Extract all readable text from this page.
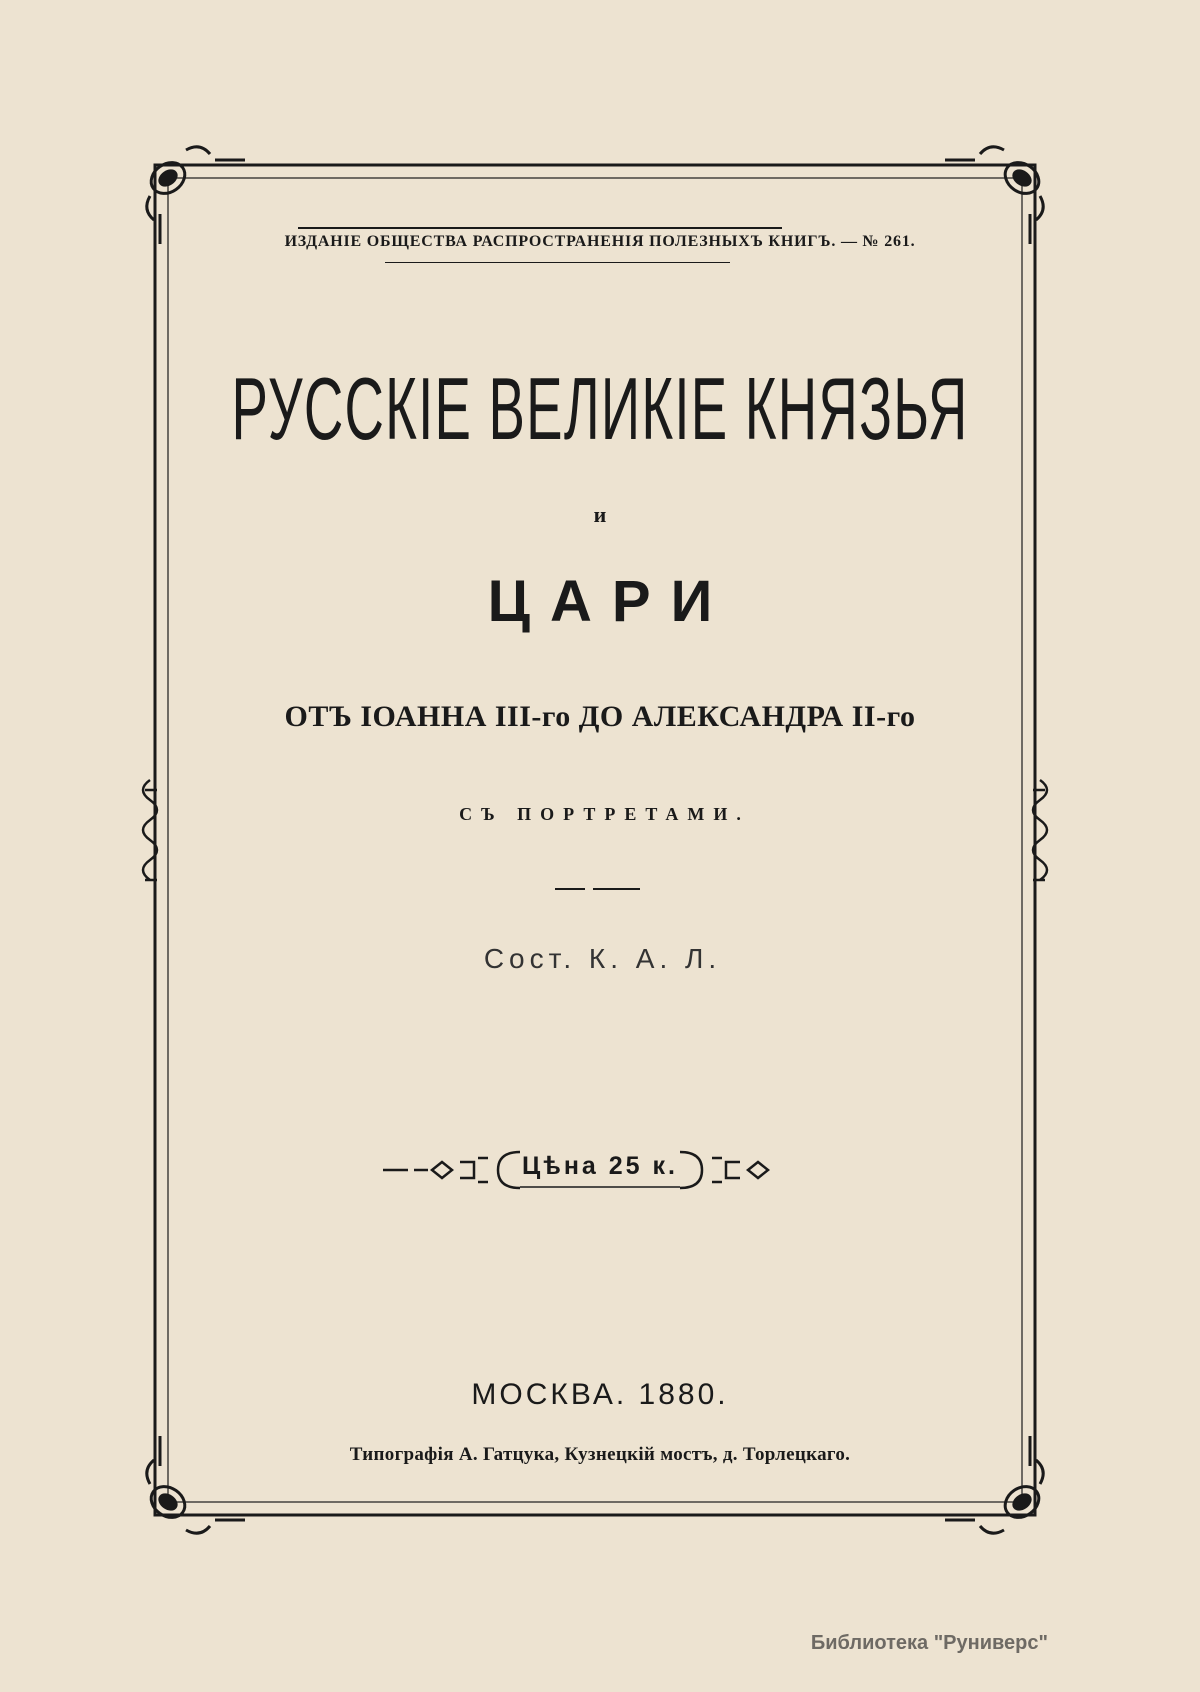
ИЗДАНІЕ ОБЩЕСТВА РАСПРОСТРАНЕНІЯ ПОЛЕЗНЫХЪ КНИГЪ. — № 261.
РУССКІЕ ВЕЛИКІЕ КНЯЗЬЯ
и
ЦАРИ
ОТЪ ІОАННА III-го ДО АЛЕКСАНДРА II-го
СЪ ПОРТРЕТАМИ.
Сост. К. А. Л.
Цѣна 25 к.
МОСКВА. 1880.
Типографія А. Гатцука, Кузнецкій мостъ, д. Торлецкаго.
Библиотека "Руниверс"
